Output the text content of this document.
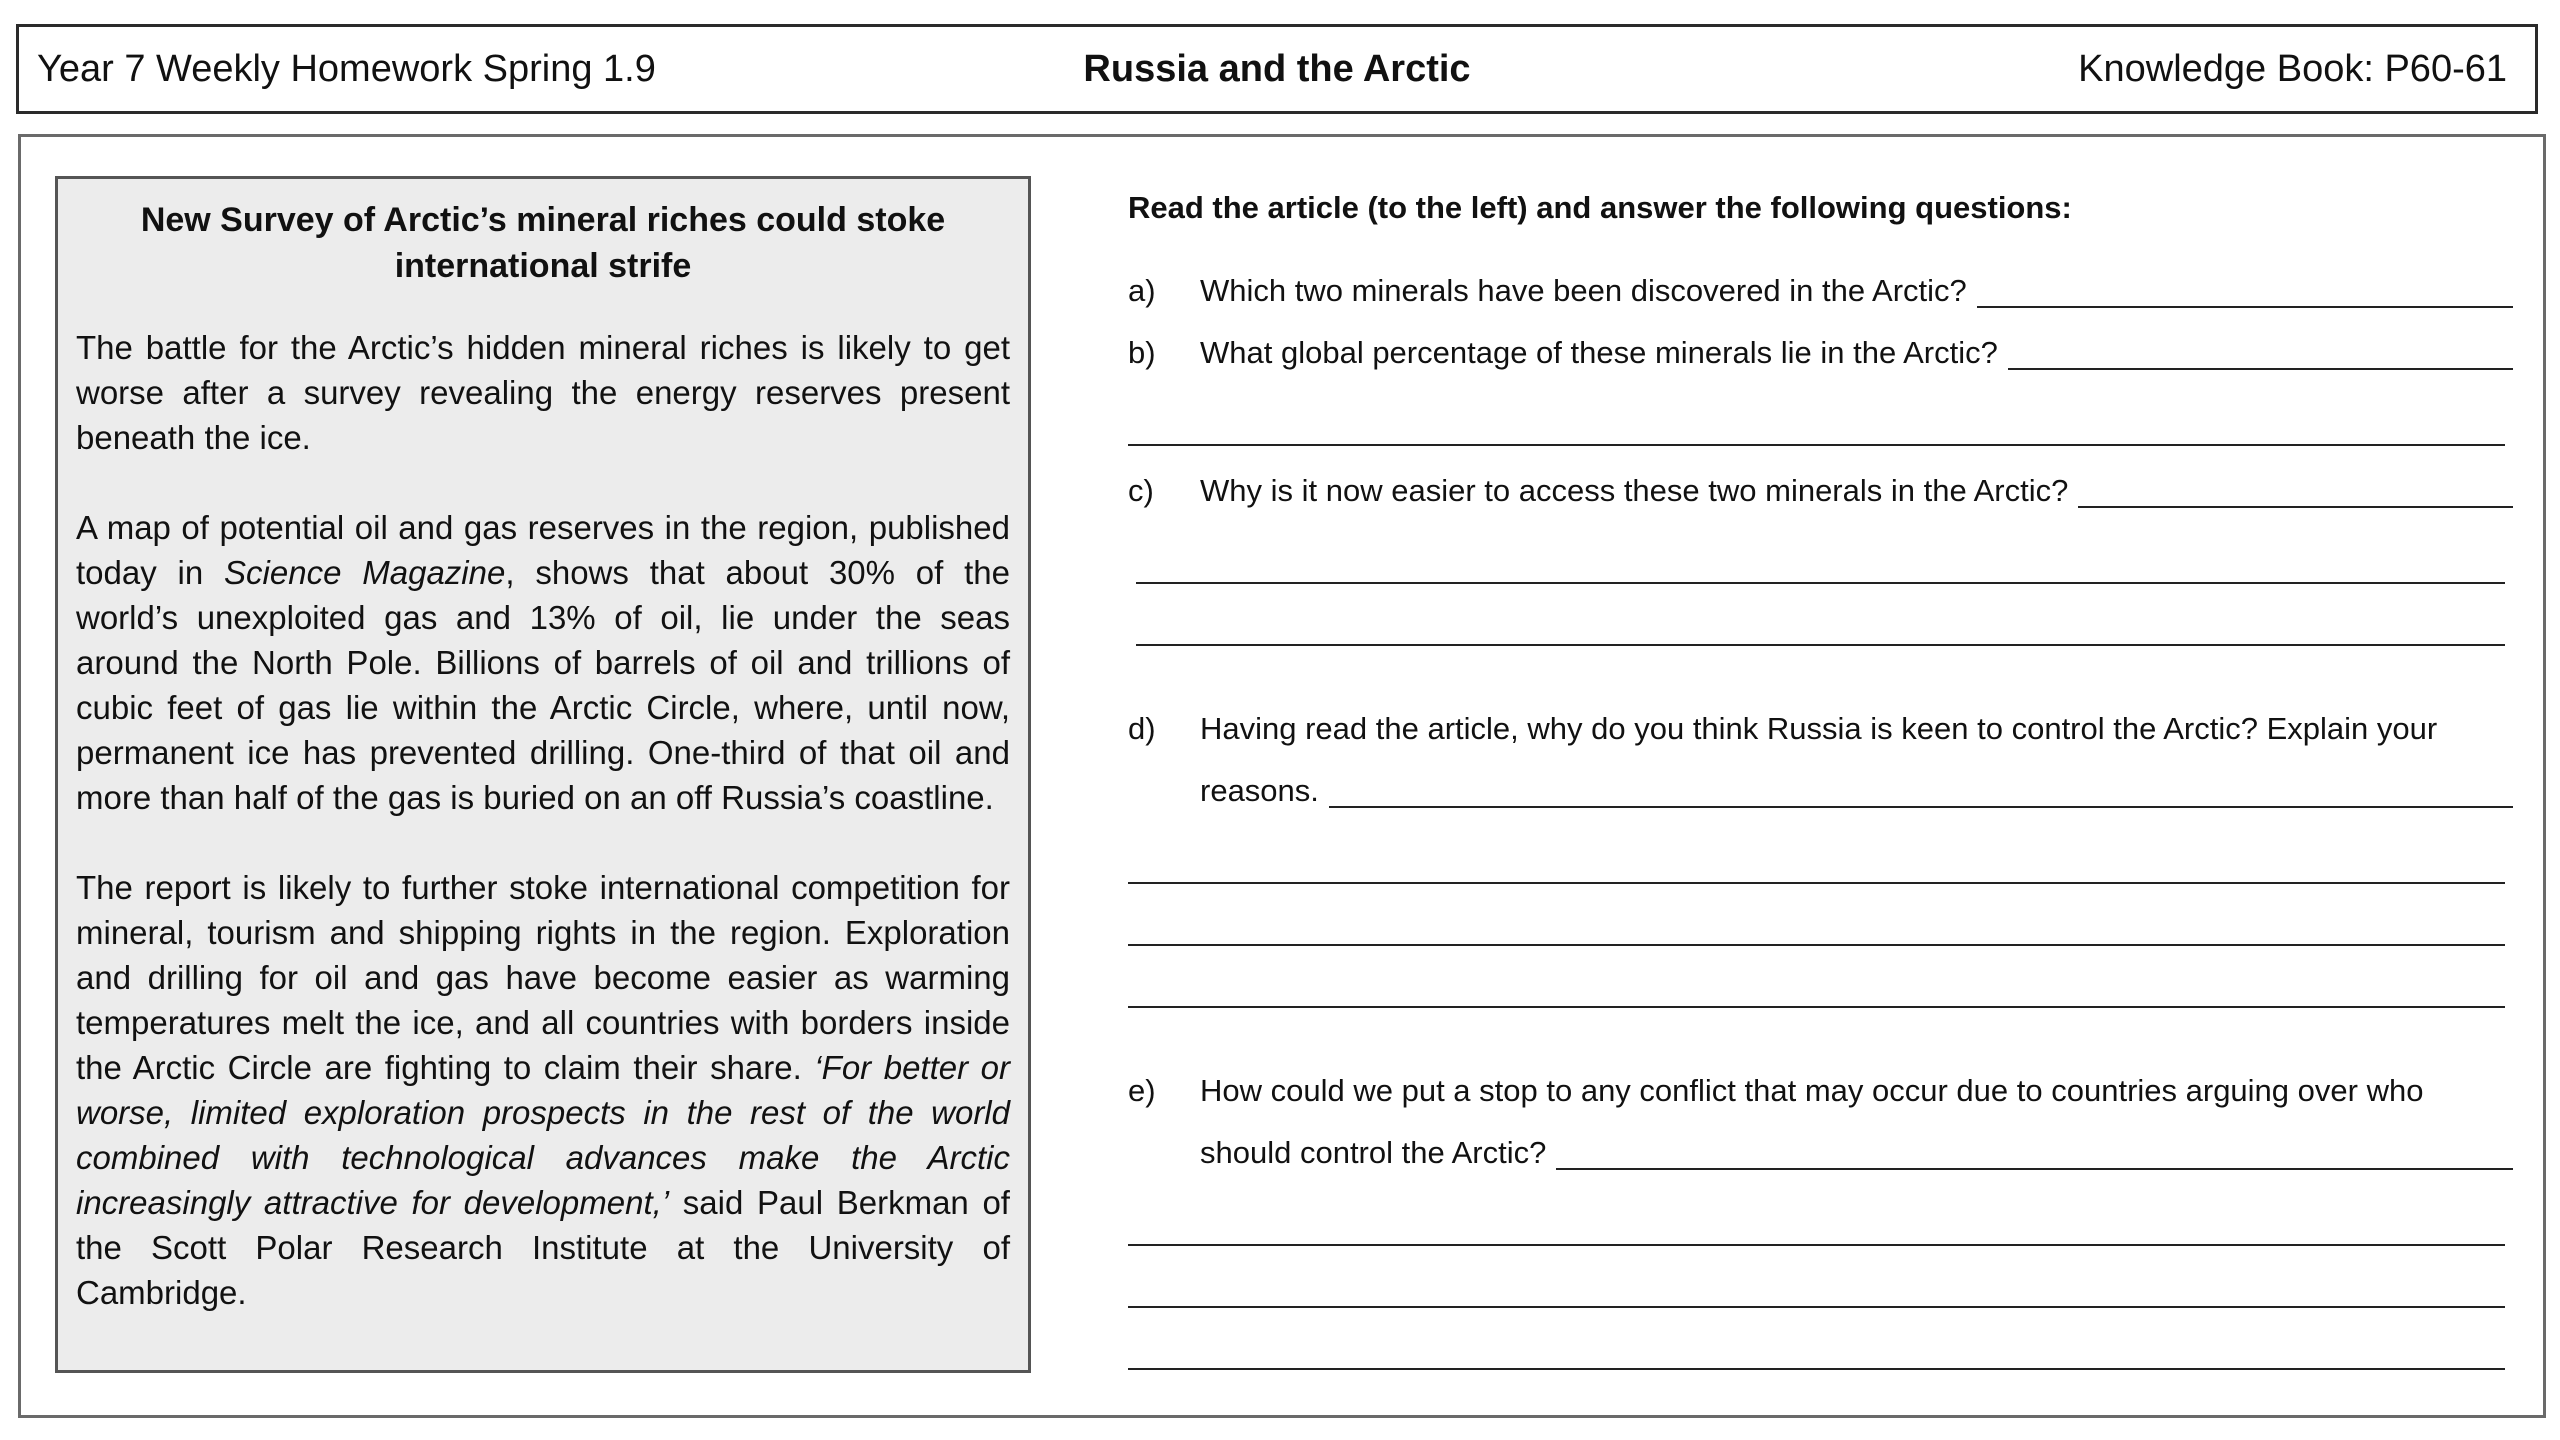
Year 7 Weekly Homework Spring 1.9	Russia and the Arctic	Knowledge Book: P60-61
New Survey of Arctic’s mineral riches could stoke international strife

The battle for the Arctic’s hidden mineral riches is likely to get worse after a survey revealing the energy reserves present beneath the ice.

A map of potential oil and gas reserves in the region, published today in Science Magazine, shows that about 30% of the world’s unexploited gas and 13% of oil, lie under the seas around the North Pole. Billions of barrels of oil and trillions of cubic feet of gas lie within the Arctic Circle, where, until now, permanent ice has prevented drilling. One-third of that oil and more than half of the gas is buried on an off Russia’s coastline.

The report is likely to further stoke international competition for mineral, tourism and shipping rights in the region. Exploration and drilling for oil and gas have become easier as warming temperatures melt the ice, and all countries with borders inside the Arctic Circle are fighting to claim their share. ‘For better or worse, limited exploration prospects in the rest of the world combined with technological advances make the Arctic increasingly attractive for development,’ said Paul Berkman of the Scott Polar Research Institute at the University of Cambridge.

Read the article (to the left) and answer the following questions:
a)	Which two minerals have been discovered in the Arctic?
b)	What global percentage of these minerals lie in the Arctic?
c)	Why is it now easier to access these two minerals in the Arctic?
d)	Having read the article, why do you think Russia is keen to control the Arctic? Explain your
reasons.
e)	How could we put a stop to any conflict that may occur due to countries arguing over who
should control the Arctic?
